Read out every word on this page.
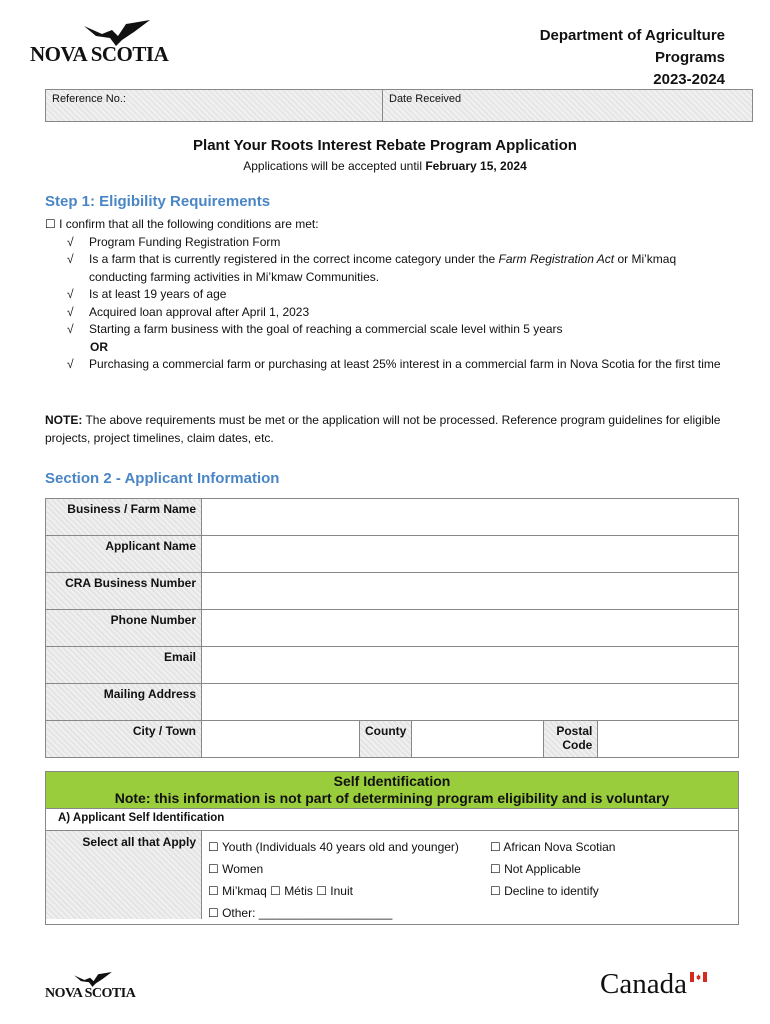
NOVA SCOTIA
Department of Agriculture
Programs
2023-2024
Reference No.:	Date Received
Plant Your Roots Interest Rebate Program Application
Applications will be accepted until February 15, 2024
Step 1: Eligibility Requirements
☐ I confirm that all the following conditions are met:
√	Program Funding Registration Form
√	Is a farm that is currently registered in the correct income category under the Farm Registration Act or Mi’kmaq conducting farming activities in Mi’kmaw Communities.
√	Is at least 19 years of age
√	Acquired loan approval after April 1, 2023
√	Starting a farm business with the goal of reaching a commercial scale level within 5 years
OR
√	Purchasing a commercial farm or purchasing at least 25% interest in a commercial farm in Nova Scotia for the first time
NOTE: The above requirements must be met or the application will not be processed. Reference program guidelines for eligible projects, project timelines, claim dates, etc.
Section 2 - Applicant Information
Business / Farm Name					
Applicant Name					
CRA Business Number					
Phone Number					
Email					
Mailing Address					
City / Town		County		Postal Code	
Self Identification
Note: this information is not part of determining program eligibility and is voluntary
A) Applicant Self Identification
Select all that Apply	☐ Youth (Individuals 40 years old and younger)
☐ Women
☐ Mi’kmaq ☐ Métis ☐ Inuit
☐ Other: ____________________
☐ African Nova Scotian
☐ Not Applicable
☐ Decline to identify
NOVA SCOTIA	Canada
